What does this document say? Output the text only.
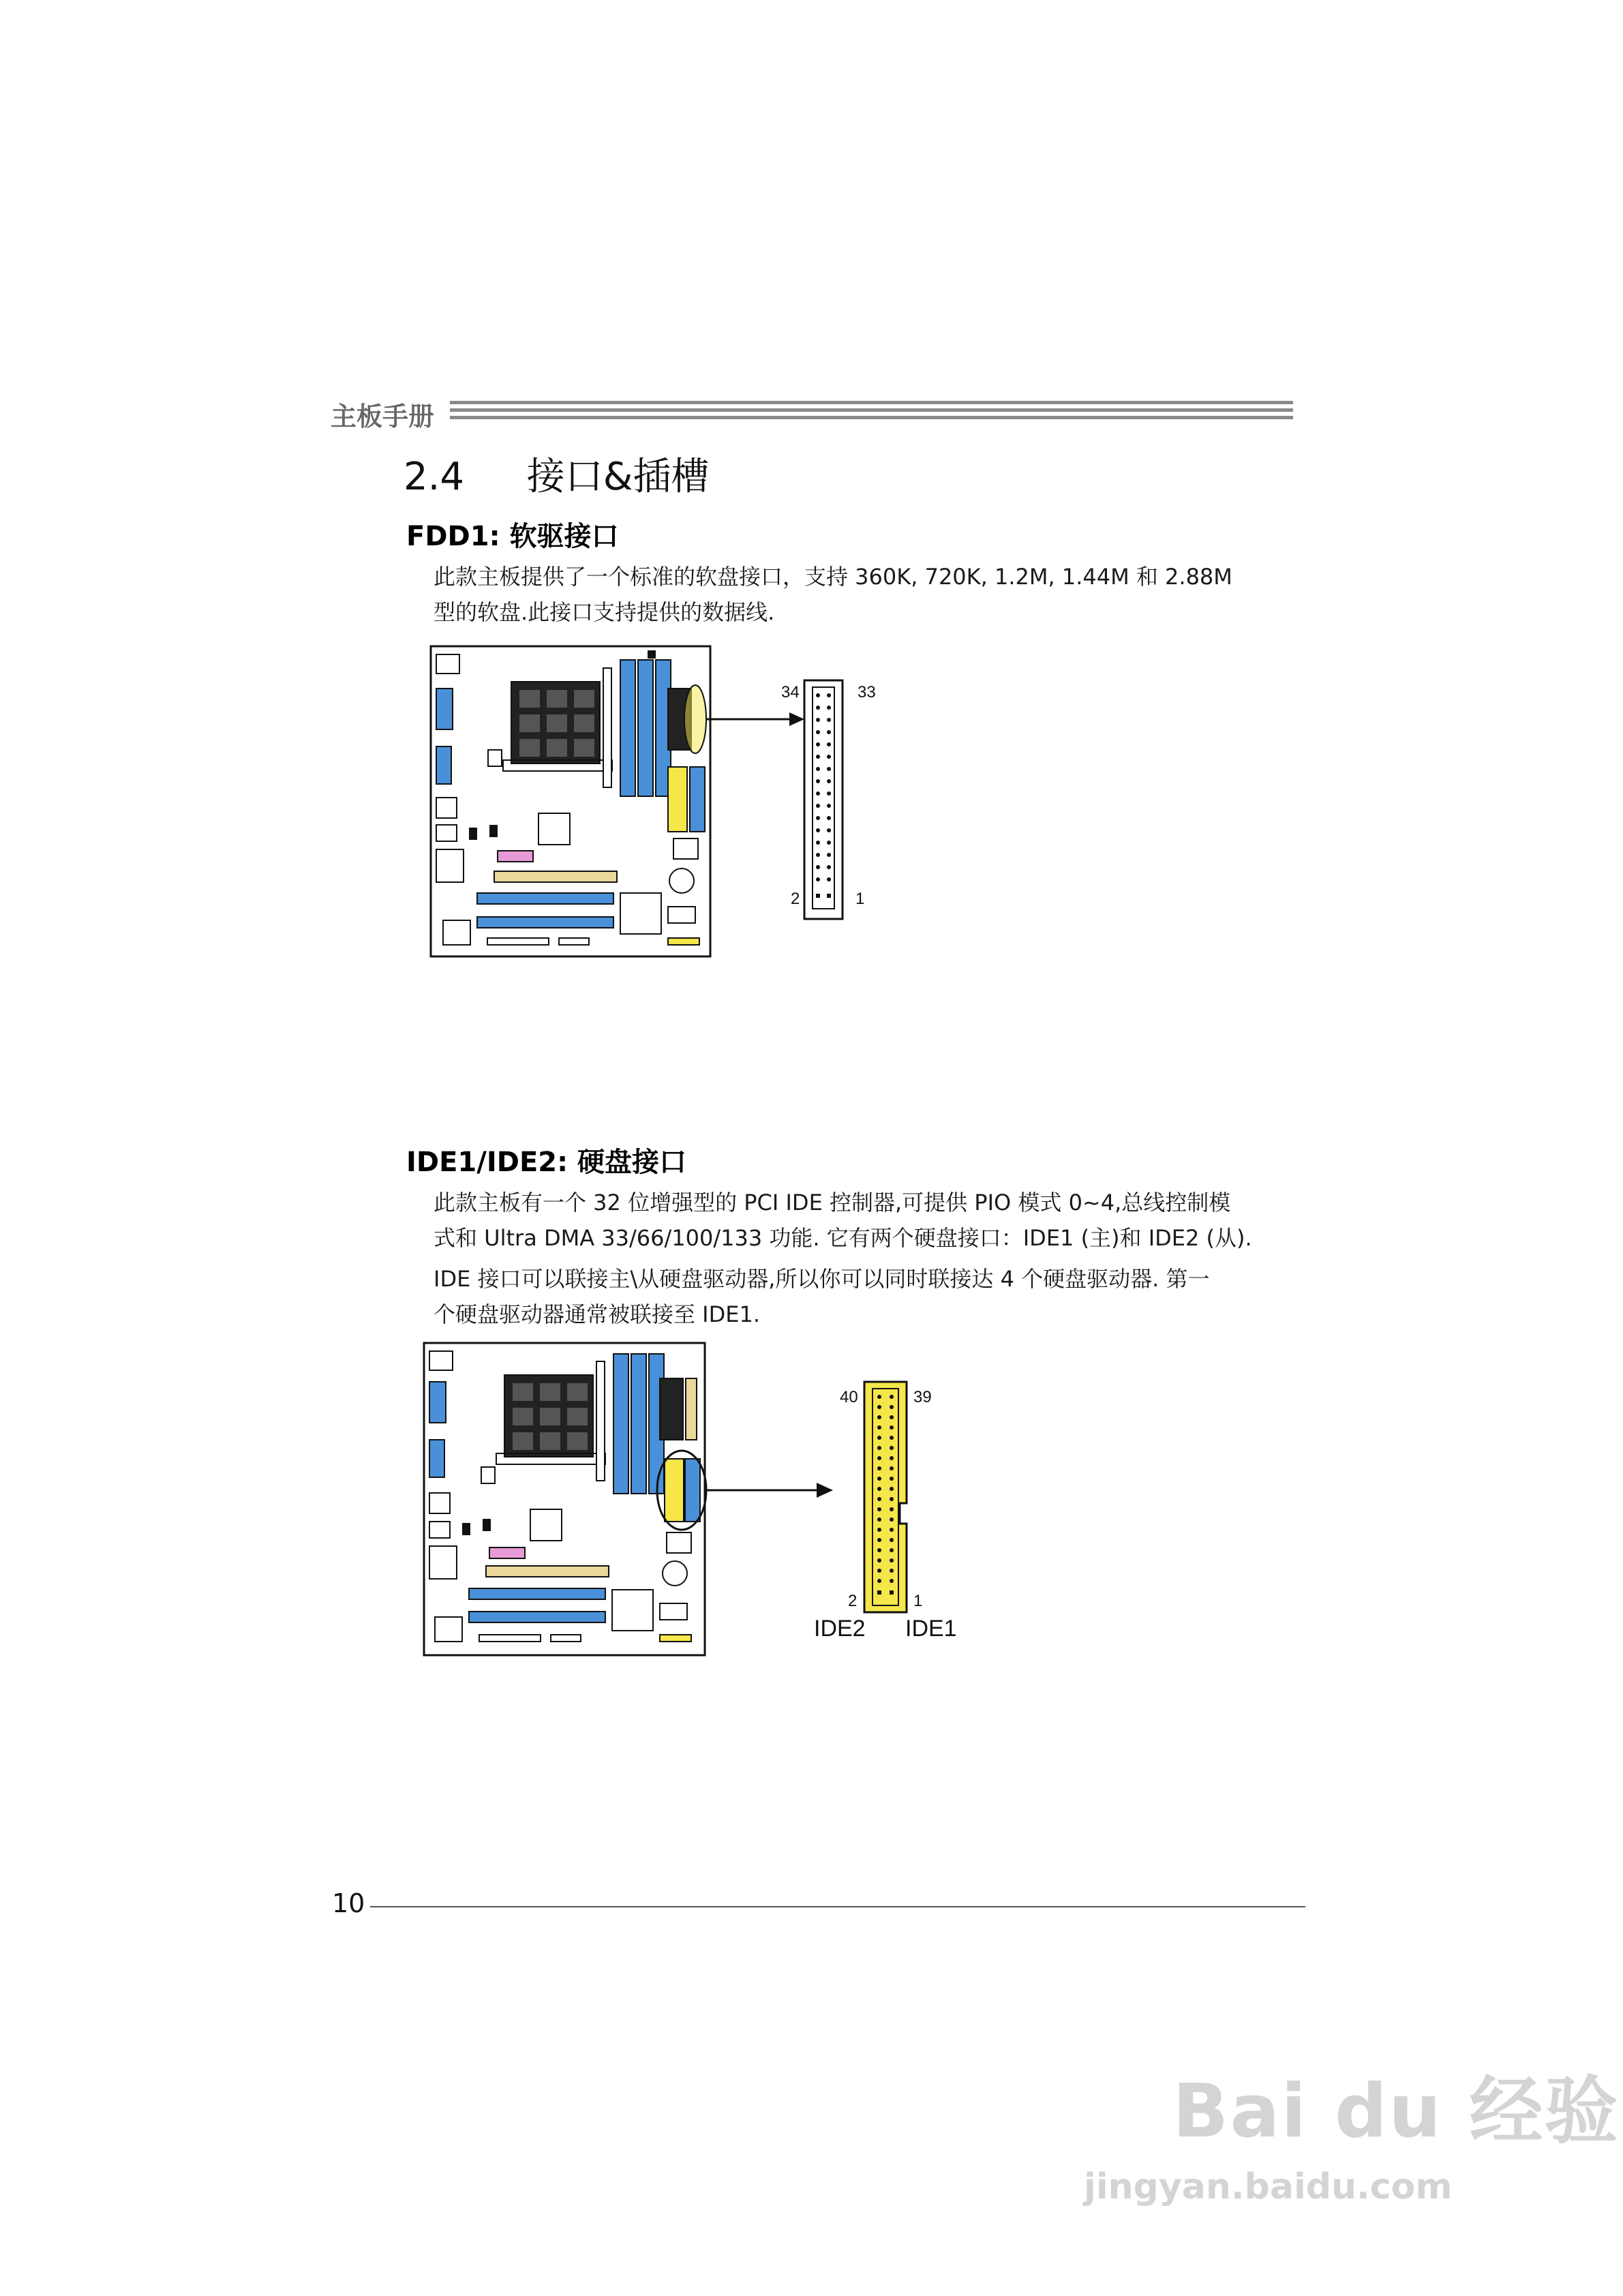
主板手册
2.4 接口&插槽
FDD1: 软驱接口
此款主板提供了一个标准的软盘接口，支持 360K, 720K, 1.2M, 1.44M 和 2.88M
型的软盘.此接口支持提供的数据线.
34	33
2	1
IDE1/IDE2: 硬盘接口
此款主板有一个 32 位增强型的 PCI IDE 控制器,可提供 PIO 模式 0~4,总线控制模
式和 Ultra DMA 33/66/100/133 功能. 它有两个硬盘接口：IDE1 (主)和 IDE2 (从).
IDE 接口可以联接主\从硬盘驱动器,所以你可以同时联接达 4 个硬盘驱动器. 第一
个硬盘驱动器通常被联接至 IDE1.
40	39
2	1
IDE2 IDE1
10
Bai du 经验
jingyan.baidu.com
